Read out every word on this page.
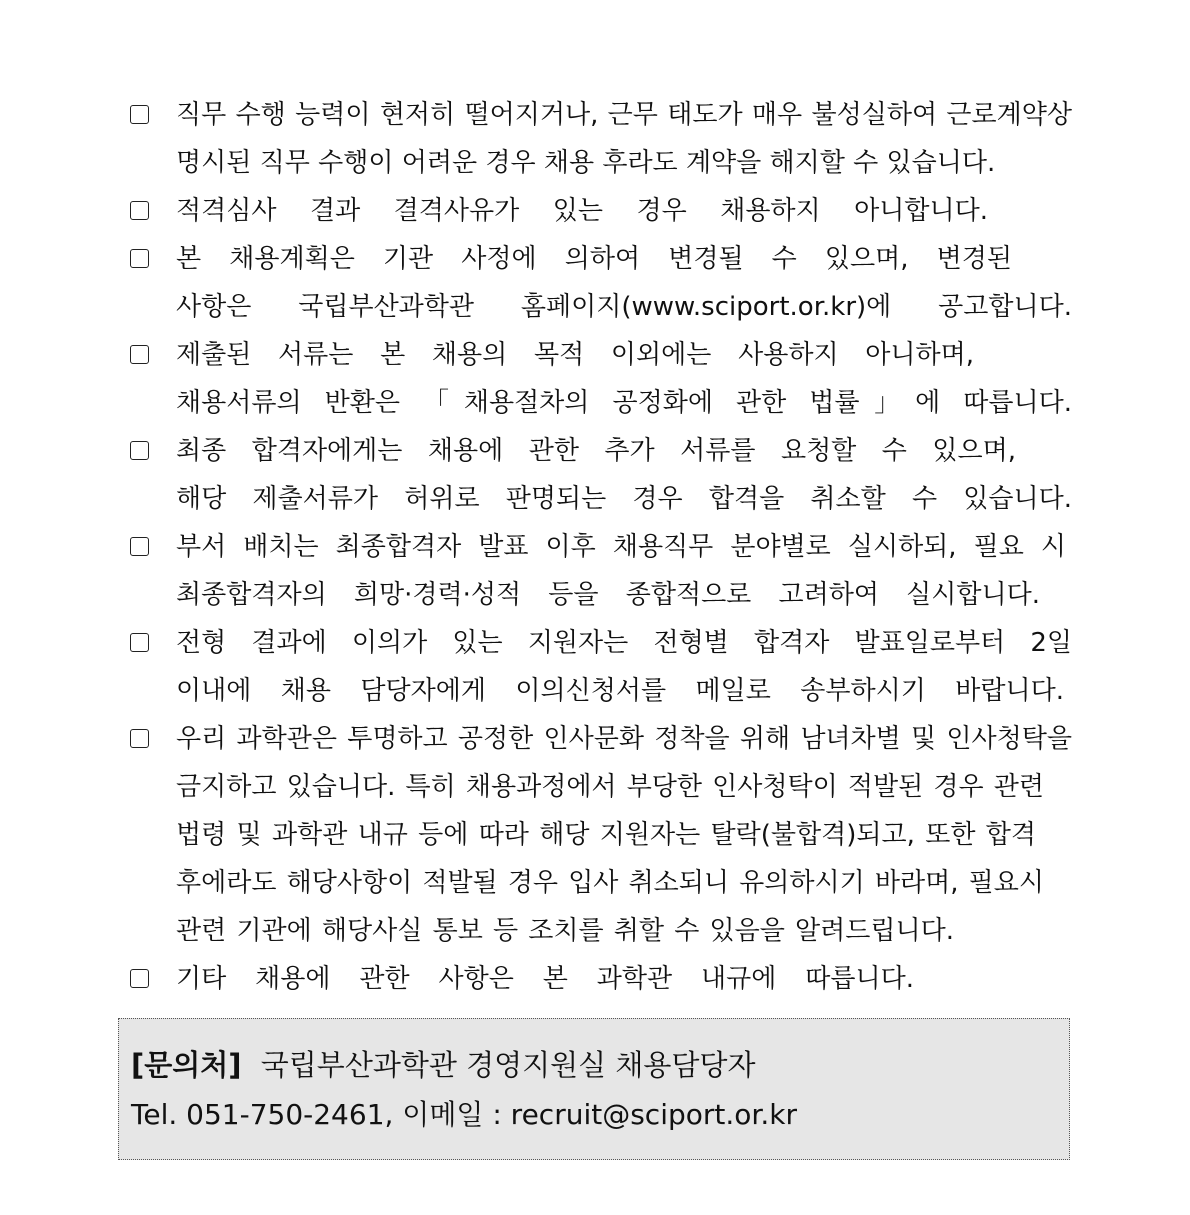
직무 수행 능력이 현저히 떨어지거나, 근무 태도가 매우 불성실하여 근로계약상
명시된 직무 수행이 어려운 경우 채용 후라도 계약을 해지할 수 있습니다.
적격심사 결과 결격사유가 있는 경우 채용하지 아니합니다.
본 채용계획은 기관 사정에 의하여 변경될 수 있으며, 변경된
사항은 국립부산과학관 홈페이지(www.sciport.or.kr)에 공고합니다.
제출된 서류는 본 채용의 목적 이외에는 사용하지 아니하며,
채용서류의 반환은 「채용절차의 공정화에 관한 법률」에 따릅니다.
최종 합격자에게는 채용에 관한 추가 서류를 요청할 수 있으며,
해당 제출서류가 허위로 판명되는 경우 합격을 취소할 수 있습니다.
부서 배치는 최종합격자 발표 이후 채용직무 분야별로 실시하되, 필요 시
최종합격자의 희망·경력·성적 등을 종합적으로 고려하여 실시합니다.
전형 결과에 이의가 있는 지원자는 전형별 합격자 발표일로부터 2일
이내에 채용 담당자에게 이의신청서를 메일로 송부하시기 바랍니다.
우리 과학관은 투명하고 공정한 인사문화 정착을 위해 남녀차별 및 인사청탁을
금지하고 있습니다. 특히 채용과정에서 부당한 인사청탁이 적발된 경우 관련
법령 및 과학관 내규 등에 따라 해당 지원자는 탈락(불합격)되고, 또한 합격
후에라도 해당사항이 적발될 경우 입사 취소되니 유의하시기 바라며, 필요시
관련 기관에 해당사실 통보 등 조치를 취할 수 있음을 알려드립니다.
기타 채용에 관한 사항은 본 과학관 내규에 따릅니다.
[문의처] 국립부산과학관 경영지원실 채용담당자
Tel. 051-750-2461, 이메일 : recruit@sciport.or.kr
